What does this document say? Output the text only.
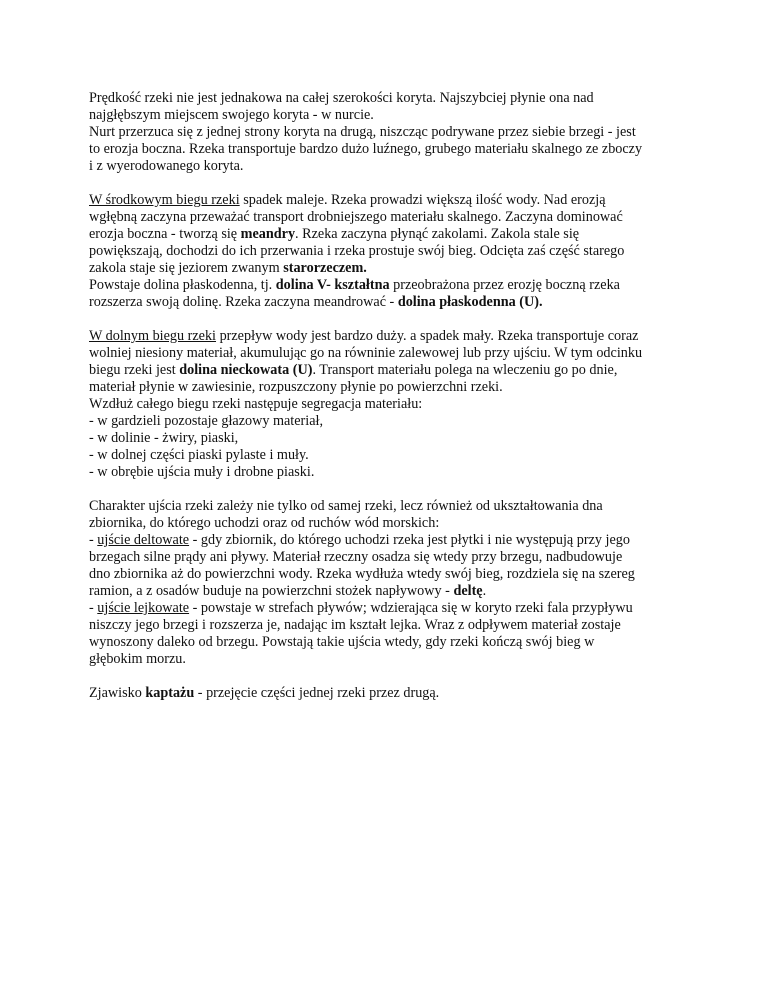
Prędkość rzeki nie jest jednakowa na całej szerokości koryta. Najszybciej płynie ona nad
najgłębszym miejscem swojego koryta - w nurcie.
Nurt przerzuca się z jednej strony koryta na drugą, niszcząc podrywane przez siebie brzegi - jest
to erozja boczna. Rzeka transportuje bardzo dużo luźnego, grubego materiału skalnego ze zboczy
i z wyerodowanego koryta.
W środkowym biegu rzeki spadek maleje. Rzeka prowadzi większą ilość wody. Nad erozją
wgłębną zaczyna przeważać transport drobniejszego materiału skalnego. Zaczyna dominować
erozja boczna - tworzą się meandry. Rzeka zaczyna płynąć zakolami. Zakola stale się
powiększają, dochodzi do ich przerwania i rzeka prostuje swój bieg. Odcięta zaś część starego
zakola staje się jeziorem zwanym starorzeczem.
Powstaje dolina płaskodenna, tj. dolina V- kształtna przeobrażona przez erozję boczną rzeka
rozszerza swoją dolinę. Rzeka zaczyna meandrować - dolina płaskodenna (U).
W dolnym biegu rzeki przepływ wody jest bardzo duży. a spadek mały. Rzeka transportuje coraz
wolniej niesiony materiał, akumulując go na równinie zalewowej lub przy ujściu. W tym odcinku
biegu rzeki jest dolina nieckowata (U). Transport materiału polega na wleczeniu go po dnie,
materiał płynie w zawiesinie, rozpuszczony płynie po powierzchni rzeki.
Wzdłuż całego biegu rzeki następuje segregacja materiału:
- w gardzieli pozostaje głazowy materiał,
- w dolinie - żwiry, piaski,
- w dolnej części piaski pylaste i muły.
- w obrębie ujścia muły i drobne piaski.
Charakter ujścia rzeki zależy nie tylko od samej rzeki, lecz również od ukształtowania dna
zbiornika, do którego uchodzi oraz od ruchów wód morskich:
- ujście deltowate - gdy zbiornik, do którego uchodzi rzeka jest płytki i nie występują przy jego
brzegach silne prądy ani pływy. Materiał rzeczny osadza się wtedy przy brzegu, nadbudowuje
dno zbiornika aż do powierzchni wody. Rzeka wydłuża wtedy swój bieg, rozdziela się na szereg
ramion, a z osadów buduje na powierzchni stożek napływowy - deltę.
- ujście lejkowate - powstaje w strefach pływów; wdzierająca się w koryto rzeki fala przypływu
niszczy jego brzegi i rozszerza je, nadając im kształt lejka. Wraz z odpływem materiał zostaje
wynoszony daleko od brzegu. Powstają takie ujścia wtedy, gdy rzeki kończą swój bieg w
głębokim morzu.
Zjawisko kaptażu - przejęcie części jednej rzeki przez drugą.
